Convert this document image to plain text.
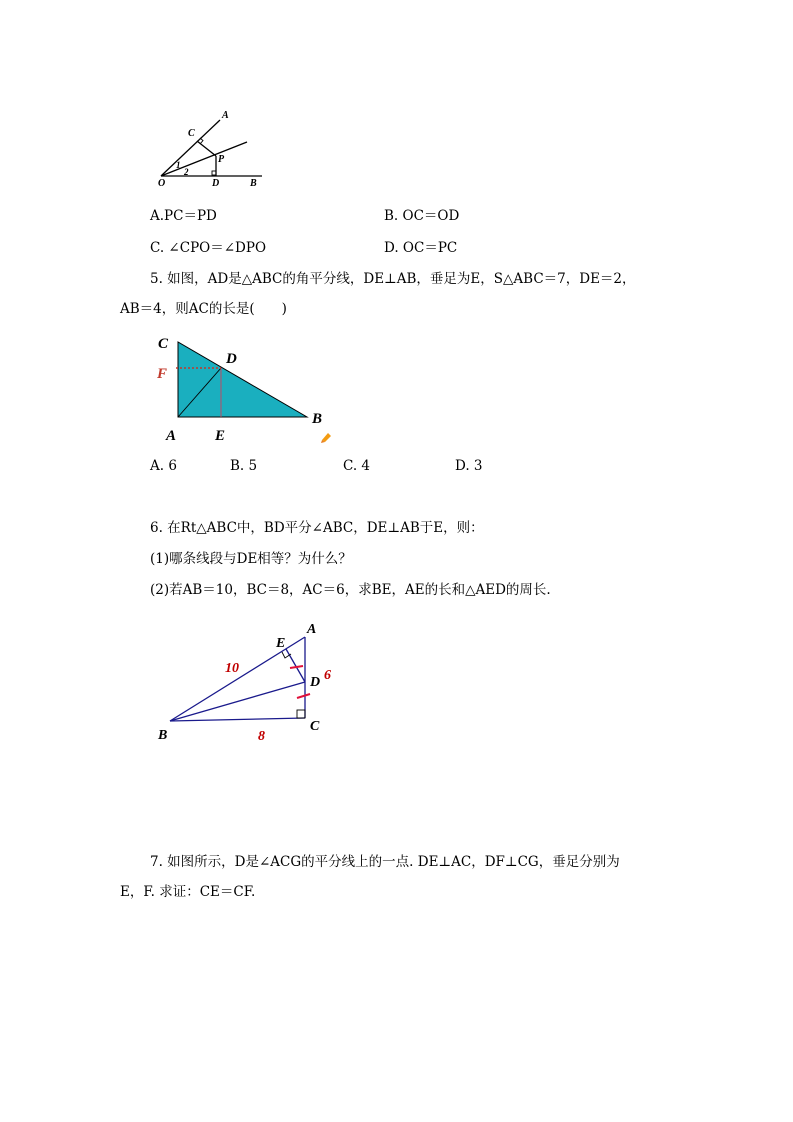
A
B
C
D
O
P
1
2
A.PC＝PD	B. OC＝OD
C. ∠CPO＝∠DPO	D. OC＝PC
5. 如图，AD是△ABC的角平分线，DE⊥AB，垂足为E，S△ABC＝7，DE＝2，
AB＝4，则AC的长是(　　)
C
D
F
A	E
B
A. 6	B. 5	C. 4	D. 3
6. 在Rt△ABC中，BD平分∠ABC，DE⊥AB于E，则：
(1)哪条线段与DE相等？为什么？
(2)若AB＝10，BC＝8，AC＝6，求BE，AE的长和△AED的周长.
A
B
C
D
E
10	6
8
7. 如图所示，D是∠ACG的平分线上的一点. DE⊥AC，DF⊥CG，垂足分别为
E，F. 求证：CE＝CF.
